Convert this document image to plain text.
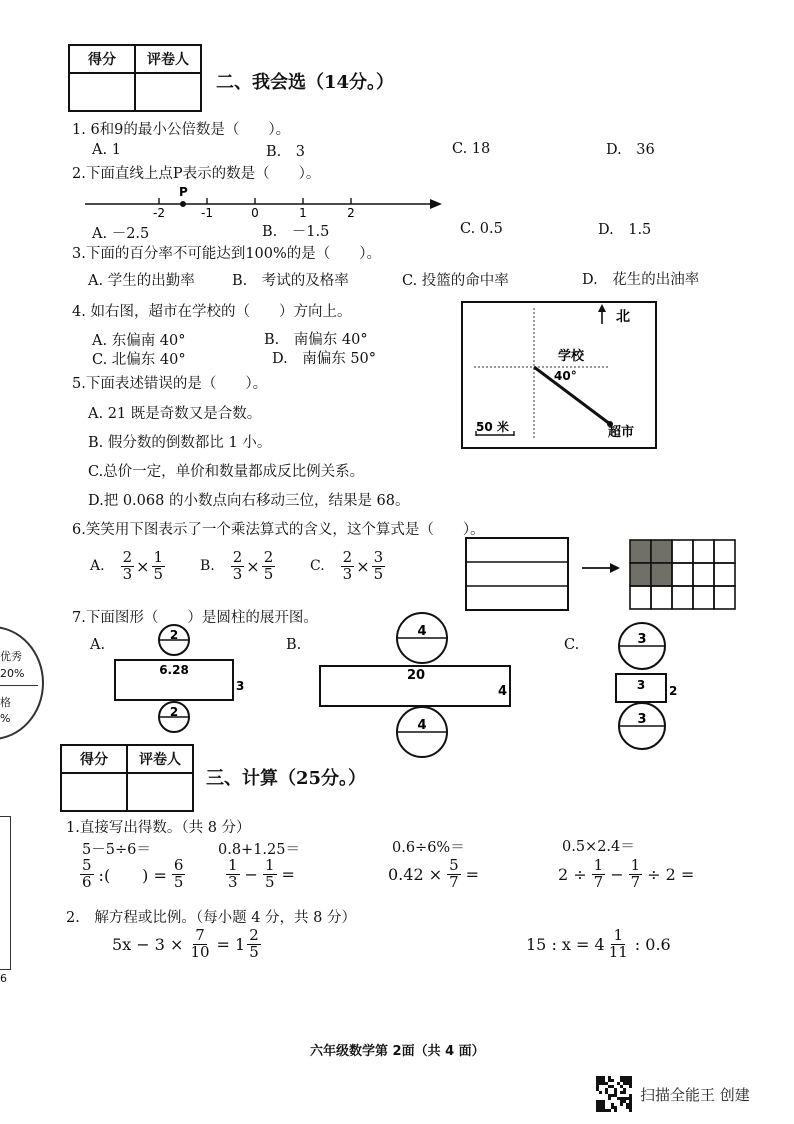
得分	评卷人

二、我会选（14分。）
1. 6和9的最小公倍数是（　　）。
A. 1	B.　3	C. 18	D.　36
2.下面直线上点P表示的数是（　　）。
-2	-1	0	1	2
P
A. －2.5	B.　－1.5	C. 0.5	D.　1.5
3.下面的百分率不可能达到100%的是（　　）。
A. 学生的出勤率	B.　考试的及格率	C. 投篮的命中率	D.　花生的出油率
4. 如右图，超市在学校的（　　）方向上。
A. 东偏南 40°	B.　南偏东 40°
C. 北偏东 40°	D.　南偏东 50°
北
学校
40°
超市
50 米
5.下面表述错误的是（　　）。
A. 21 既是奇数又是合数。
B. 假分数的倒数都比 1 小。
C.总价一定，单价和数量都成反比例关系。
D.把 0.068 的小数点向右移动三位，结果是 68。
6.笑笑用下图表示了一个乘法算式的含义，这个算式是（　　）。
A. $\frac{2}{3} \times \frac{1}{5} B$. $\frac{2}{3} \times \frac{2}{5} C$. $\frac{2}{3} \times \frac{3}{5}$
7.下面图形（　　）是圆柱的展开图。
A.	B.	C.
2
6.28
3
2
4
20
4
4
3
3 2
3
得分	评卷人

三、计算（25分。）
1.直接写出得数。（共 8 分）
5－5÷6＝	0.8+1.25＝	0.6÷6%＝	0.5×2.4＝
$\frac{5}{6}$ :(　　) = $\frac{6}{5}$	$\frac{1}{3} - \frac{1}{5}$ =	$0.42 \times \frac{5}{7}$ =	$2 \div \frac{1}{7} - \frac{1}{7} \div 2$ =
2.　解方程或比例。（每小题 4 分，共 8 分）
$5x - 3 \times \frac{7}{10} = 1 \frac{2}{5}$	15 : $x = 4 \frac{1}{11}$ : 0.6
六年级数学第 2面（共 4 面）
扫描全能王 创建
优秀
20%
格
%
6
